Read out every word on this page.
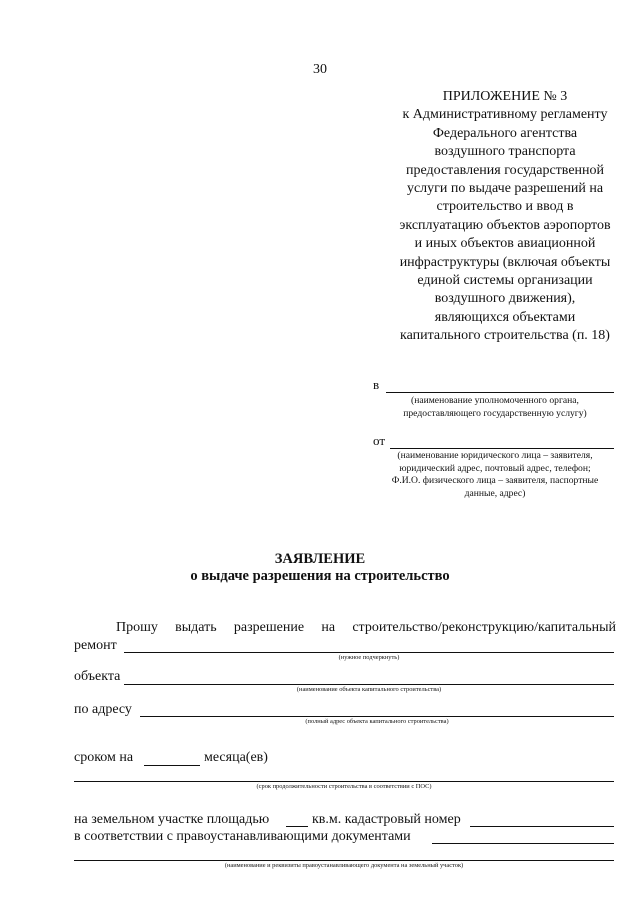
30
ПРИЛОЖЕНИЕ № 3
к Административному регламенту
Федерального агентства
воздушного транспорта
предоставления государственной
услуги по выдаче разрешений на
строительство и ввод в
эксплуатацию объектов аэропортов
и иных объектов авиационной
инфраструктуры (включая объекты
единой системы организации
воздушного движения),
являющихся объектами
капитального строительства (п. 18)
в
(наименование уполномоченного органа,
предоставляющего государственную услугу)
от
(наименование юридического лица – заявителя,
юридический адрес, почтовый адрес, телефон;
Ф.И.О. физического лица – заявителя, паспортные
данные, адрес)
ЗАЯВЛЕНИЕ
о выдаче разрешения на строительство
Прошу выдать разрешение на строительство/реконструкцию/капитальный
ремонт
(нужное подчеркнуть)
объекта
(наименование объекта капитального строительства)
по адресу
(полный адрес объекта капитального строительства)
сроком на	месяца(ев)
(срок продолжительности строительства в соответствии с ПОС)
на земельном участке площадью	кв.м. кадастровый номер
в соответствии с правоустанавливающими документами
(наименование и реквизиты правоустанавливающего документа на земельный участок)
